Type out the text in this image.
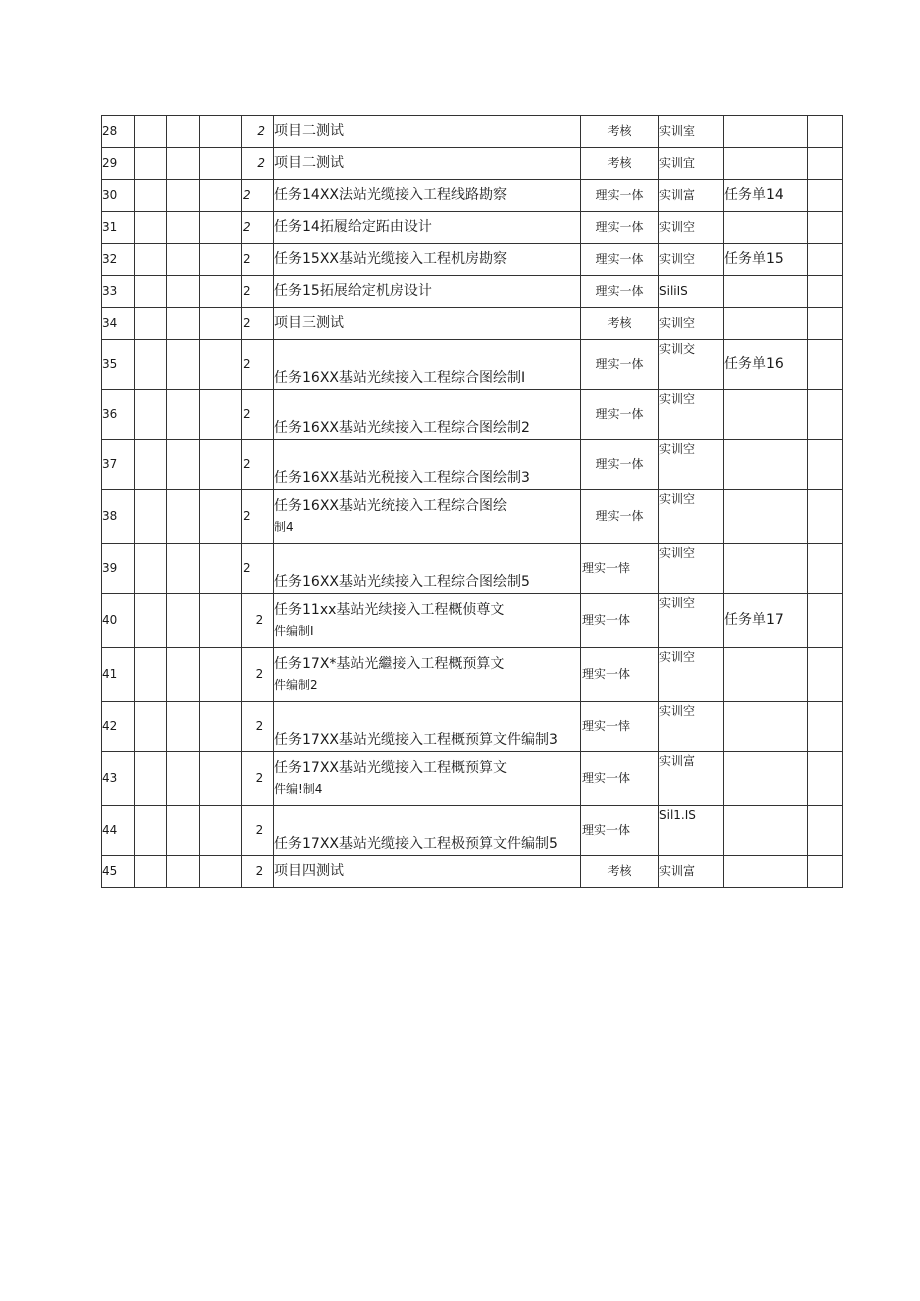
28				2	项目二测试	考核	实训室		
29				2	项目二测试	考核	实训宜		
30				2	任务14XX法站光缆接入工程线路勘察	理实一体	实训富	任务单14	
31				2	任务14拓履给定跖由设计	理实一体	实训空		
32				2	任务15XX基站光缆接入工程机房勘察	理实一体	实训空	任务单15	
33				2	任务15拓展给定机房设计	理实一体	SiliIS		
34				2	项目三测试	考核	实训空		
35				2	任务16XX基站光续接入工程综合图绘制I	理实一体	实训交	任务单16	
36				2	任务16XX基站光续接入工程综合图绘制2	理实一体	实训空		
37				2	任务16XX基站光税接入工程综合图绘制3	理实一体	实训空		
38				2	任务16XX基站光统接入工程综合图绘
制4	理实一体	实训空		
39				2	任务16XX基站光续接入工程综合图绘制5	理实一悻	实训空		
40				2	任务11xx基站光续接入工程概侦尊文
件编制I	理实一体	实训空	任务单17	
41				2	任务17X*基站光繼接入工程概预算文
件编制2	理实一体	实训空		
42				2	任务17XX基站光缆接入工程概预算文件编制3	理实一悻	实训空		
43				2	任务17XX基站光缆接入工程概预算文
件编!制4	理实一体	实训富		
44				2	任务17XX基站光缆接入工程极预算文件编制5	理实一体	Sil1.IS		
45				2	项目四测试	考核	实训富		
